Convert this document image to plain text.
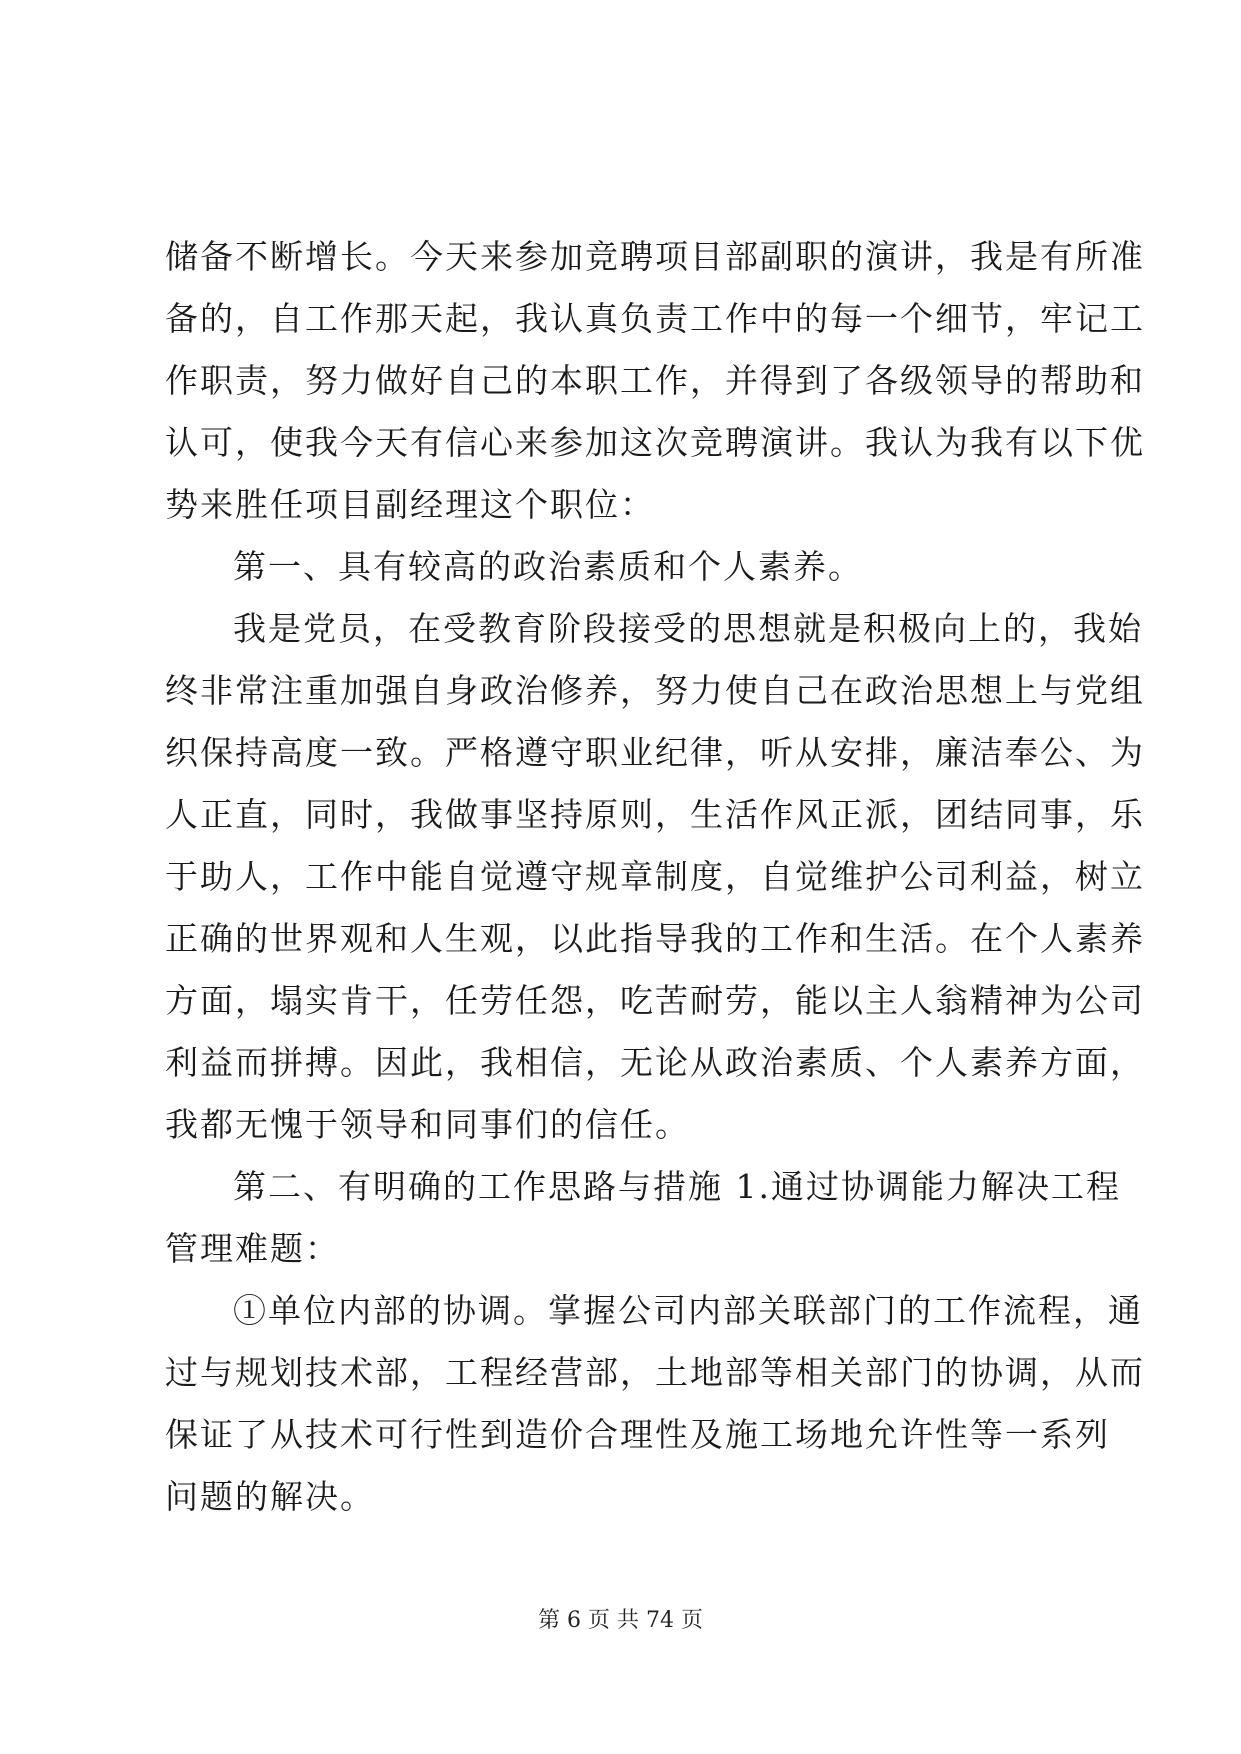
储备不断增长。今天来参加竞聘项目部副职的演讲，我是有所准
备的，自工作那天起，我认真负责工作中的每一个细节，牢记工
作职责，努力做好自己的本职工作，并得到了各级领导的帮助和
认可，使我今天有信心来参加这次竞聘演讲。我认为我有以下优
势来胜任项目副经理这个职位：
第一、具有较高的政治素质和个人素养。
我是党员，在受教育阶段接受的思想就是积极向上的，我始
终非常注重加强自身政治修养，努力使自己在政治思想上与党组
织保持高度一致。严格遵守职业纪律，听从安排，廉洁奉公、为
人正直，同时，我做事坚持原则，生活作风正派，团结同事，乐
于助人，工作中能自觉遵守规章制度，自觉维护公司利益，树立
正确的世界观和人生观，以此指导我的工作和生活。在个人素养
方面，塌实肯干，任劳任怨，吃苦耐劳，能以主人翁精神为公司
利益而拼搏。因此，我相信，无论从政治素质、个人素养方面，
我都无愧于领导和同事们的信任。
第二、有明确的工作思路与措施 1.通过协调能力解决工程
管理难题：
①单位内部的协调。掌握公司内部关联部门的工作流程，通
过与规划技术部，工程经营部，土地部等相关部门的协调，从而
保证了从技术可行性到造价合理性及施工场地允许性等一系列
问题的解决。
第 6 页 共 74 页
